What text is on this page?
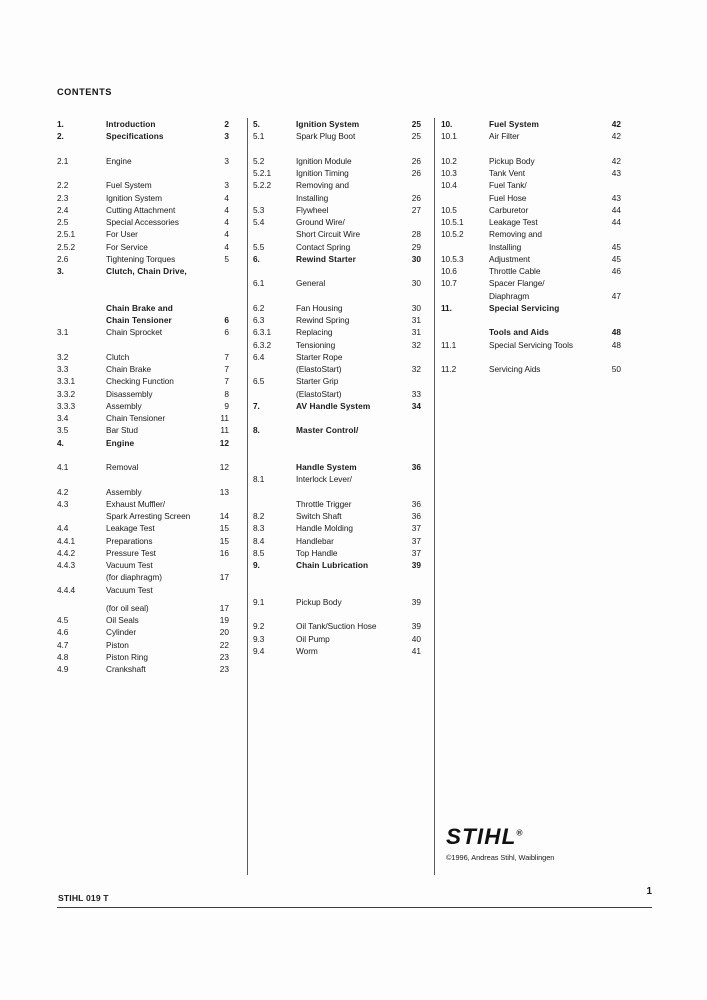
CONTENTS
1.	Introduction	2
2.	Specifications	3
2.1	Engine	3
2.2	Fuel System	3
2.3	Ignition System	4
2.4	Cutting Attachment	4
2.5	Special Accessories	4
2.5.1	For User	4
2.5.2	For Service	4
2.6	Tightening Torques	5
3.	Clutch, Chain Drive,
Chain Brake and
Chain Tensioner	6
3.1	Chain Sprocket	6
3.2	Clutch	7
3.3	Chain Brake	7
3.3.1	Checking Function	7
3.3.2	Disassembly	8
3.3.3	Assembly	9
3.4	Chain Tensioner	11
3.5	Bar Stud	11
4.	Engine	12
4.1	Removal	12
4.2	Assembly	13
4.3	Exhaust Muffler/
Spark Arresting Screen	14
4.4	Leakage Test	15
4.4.1	Preparations	15
4.4.2	Pressure Test	16
4.4.3	Vacuum Test
(for diaphragm)	17
4.4.4	Vacuum Test
(for oil seal)	17
4.5	Oil Seals	19
4.6	Cylinder	20
4.7	Piston	22
4.8	Piston Ring	23
4.9	Crankshaft	23
5.	Ignition System	25
5.1	Spark Plug Boot	25
5.2	Ignition Module	26
5.2.1	Ignition Timing	26
5.2.2	Removing and
Installing	26
5.3	Flywheel	27
5.4	Ground Wire/
Short Circuit Wire	28
5.5	Contact Spring	29
6.	Rewind Starter	30
6.1	General	30
6.2	Fan Housing	30
6.3	Rewind Spring	31
6.3.1	Replacing	31
6.3.2	Tensioning	32
6.4	Starter Rope
(ElastoStart)	32
6.5	Starter Grip
(ElastoStart)	33
7.	AV Handle System	34
8.	Master Control/
Handle System	36
8.1	Interlock Lever/
Throttle Trigger	36
8.2	Switch Shaft	36
8.3	Handle Molding	37
8.4	Handlebar	37
8.5	Top Handle	37
9.	Chain Lubrication	39
9.1	Pickup Body	39
9.2	Oil Tank/Suction Hose	39
9.3	Oil Pump	40
9.4	Worm	41
10.	Fuel System	42
10.1	Air Filter	42
10.2	Pickup Body	42
10.3	Tank Vent	43
10.4	Fuel Tank/
Fuel Hose	43
10.5	Carburetor	44
10.5.1	Leakage Test	44
10.5.2	Removing and
Installing	45
10.5.3	Adjustment	45
10.6	Throttle Cable	46
10.7	Spacer Flange/
Diaphragm	47
11.	Special Servicing
Tools and Aids	48
11.1	Special Servicing Tools	48
11.2	Servicing Aids	50
STIHL®
©1996, Andreas Stihl, Waiblingen
STIHL 019 T
1
